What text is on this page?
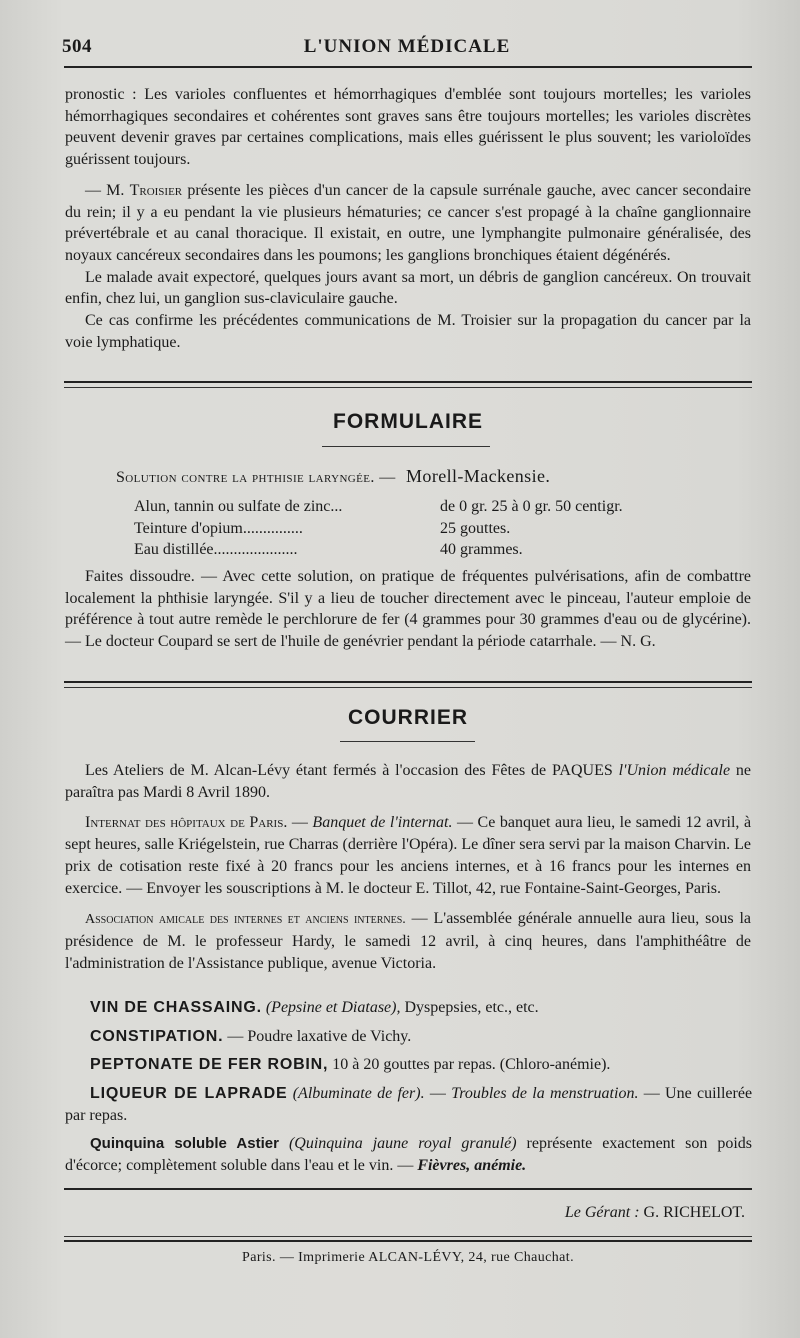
504	L'UNION MÉDICALE

pronostic : Les varioles confluentes et hémorrhagiques d'emblée sont toujours mortelles; les varioles hémorrhagiques secondaires et cohérentes sont graves sans être toujours mortelles; les varioles discrètes peuvent devenir graves par certaines complications, mais elles guérissent le plus souvent; les varioloïdes guérissent toujours.

— M. Troisier présente les pièces d'un cancer de la capsule surrénale gauche, avec cancer secondaire du rein; il y a eu pendant la vie plusieurs hématuries; ce cancer s'est propagé à la chaîne ganglionnaire prévertébrale et au canal thoracique. Il existait, en outre, une lymphangite pulmonaire généralisée, des noyaux cancéreux secondaires dans les poumons; les ganglions bronchiques étaient dégénérés.

Le malade avait expectoré, quelques jours avant sa mort, un débris de ganglion cancéreux. On trouvait enfin, chez lui, un ganglion sus-claviculaire gauche.

Ce cas confirme les précédentes communications de M. Troisier sur la propagation du cancer par la voie lymphatique.

FORMULAIRE
Solution contre la phthisie laryngée. — Morell-Mackensie.
Alun, tannin ou sulfate de zinc...	de 0 gr. 25 à 0 gr. 50 centigr.
Teinture d'opium...............	25 gouttes.
Eau distillée.....................	40 grammes.

Faites dissoudre. — Avec cette solution, on pratique de fréquentes pulvérisations, afin de combattre localement la phthisie laryngée. S'il y a lieu de toucher directement avec le pinceau, l'auteur emploie de préférence à tout autre remède le perchlorure de fer (4 grammes pour 30 grammes d'eau ou de glycérine). — Le docteur Coupard se sert de l'huile de genévrier pendant la période catarrhale. — N. G.

COURRIER

Les Ateliers de M. Alcan-Lévy étant fermés à l'occasion des Fêtes de PAQUES l'Union médicale ne paraîtra pas Mardi 8 Avril 1890.

Internat des hôpitaux de Paris. — Banquet de l'internat. — Ce banquet aura lieu, le samedi 12 avril, à sept heures, salle Kriégelstein, rue Charras (derrière l'Opéra). Le dîner sera servi par la maison Charvin. Le prix de cotisation reste fixé à 20 francs pour les anciens internes, et à 16 francs pour les internes en exercice. — Envoyer les souscriptions à M. le docteur E. Tillot, 42, rue Fontaine-Saint-Georges, Paris.

Association amicale des internes et anciens internes. — L'assemblée générale annuelle aura lieu, sous la présidence de M. le professeur Hardy, le samedi 12 avril, à cinq heures, dans l'amphithéâtre de l'administration de l'Assistance publique, avenue Victoria.

VIN DE CHASSAING. (Pepsine et Diatase), Dyspepsies, etc., etc.
CONSTIPATION. — Poudre laxative de Vichy.
PEPTONATE DE FER ROBIN, 10 à 20 gouttes par repas. (Chloro-anémie).
LIQUEUR DE LAPRADE (Albuminate de fer). — Troubles de la menstruation. — Une cuillerée par repas.
Quinquina soluble Astier (Quinquina jaune royal granulé) représente exactement son poids d'écorce; complètement soluble dans l'eau et le vin. — Fièvres, anémie.
Le Gérant : G. RICHELOT.
Paris. — Imprimerie ALCAN-LÉVY, 24, rue Chauchat.
